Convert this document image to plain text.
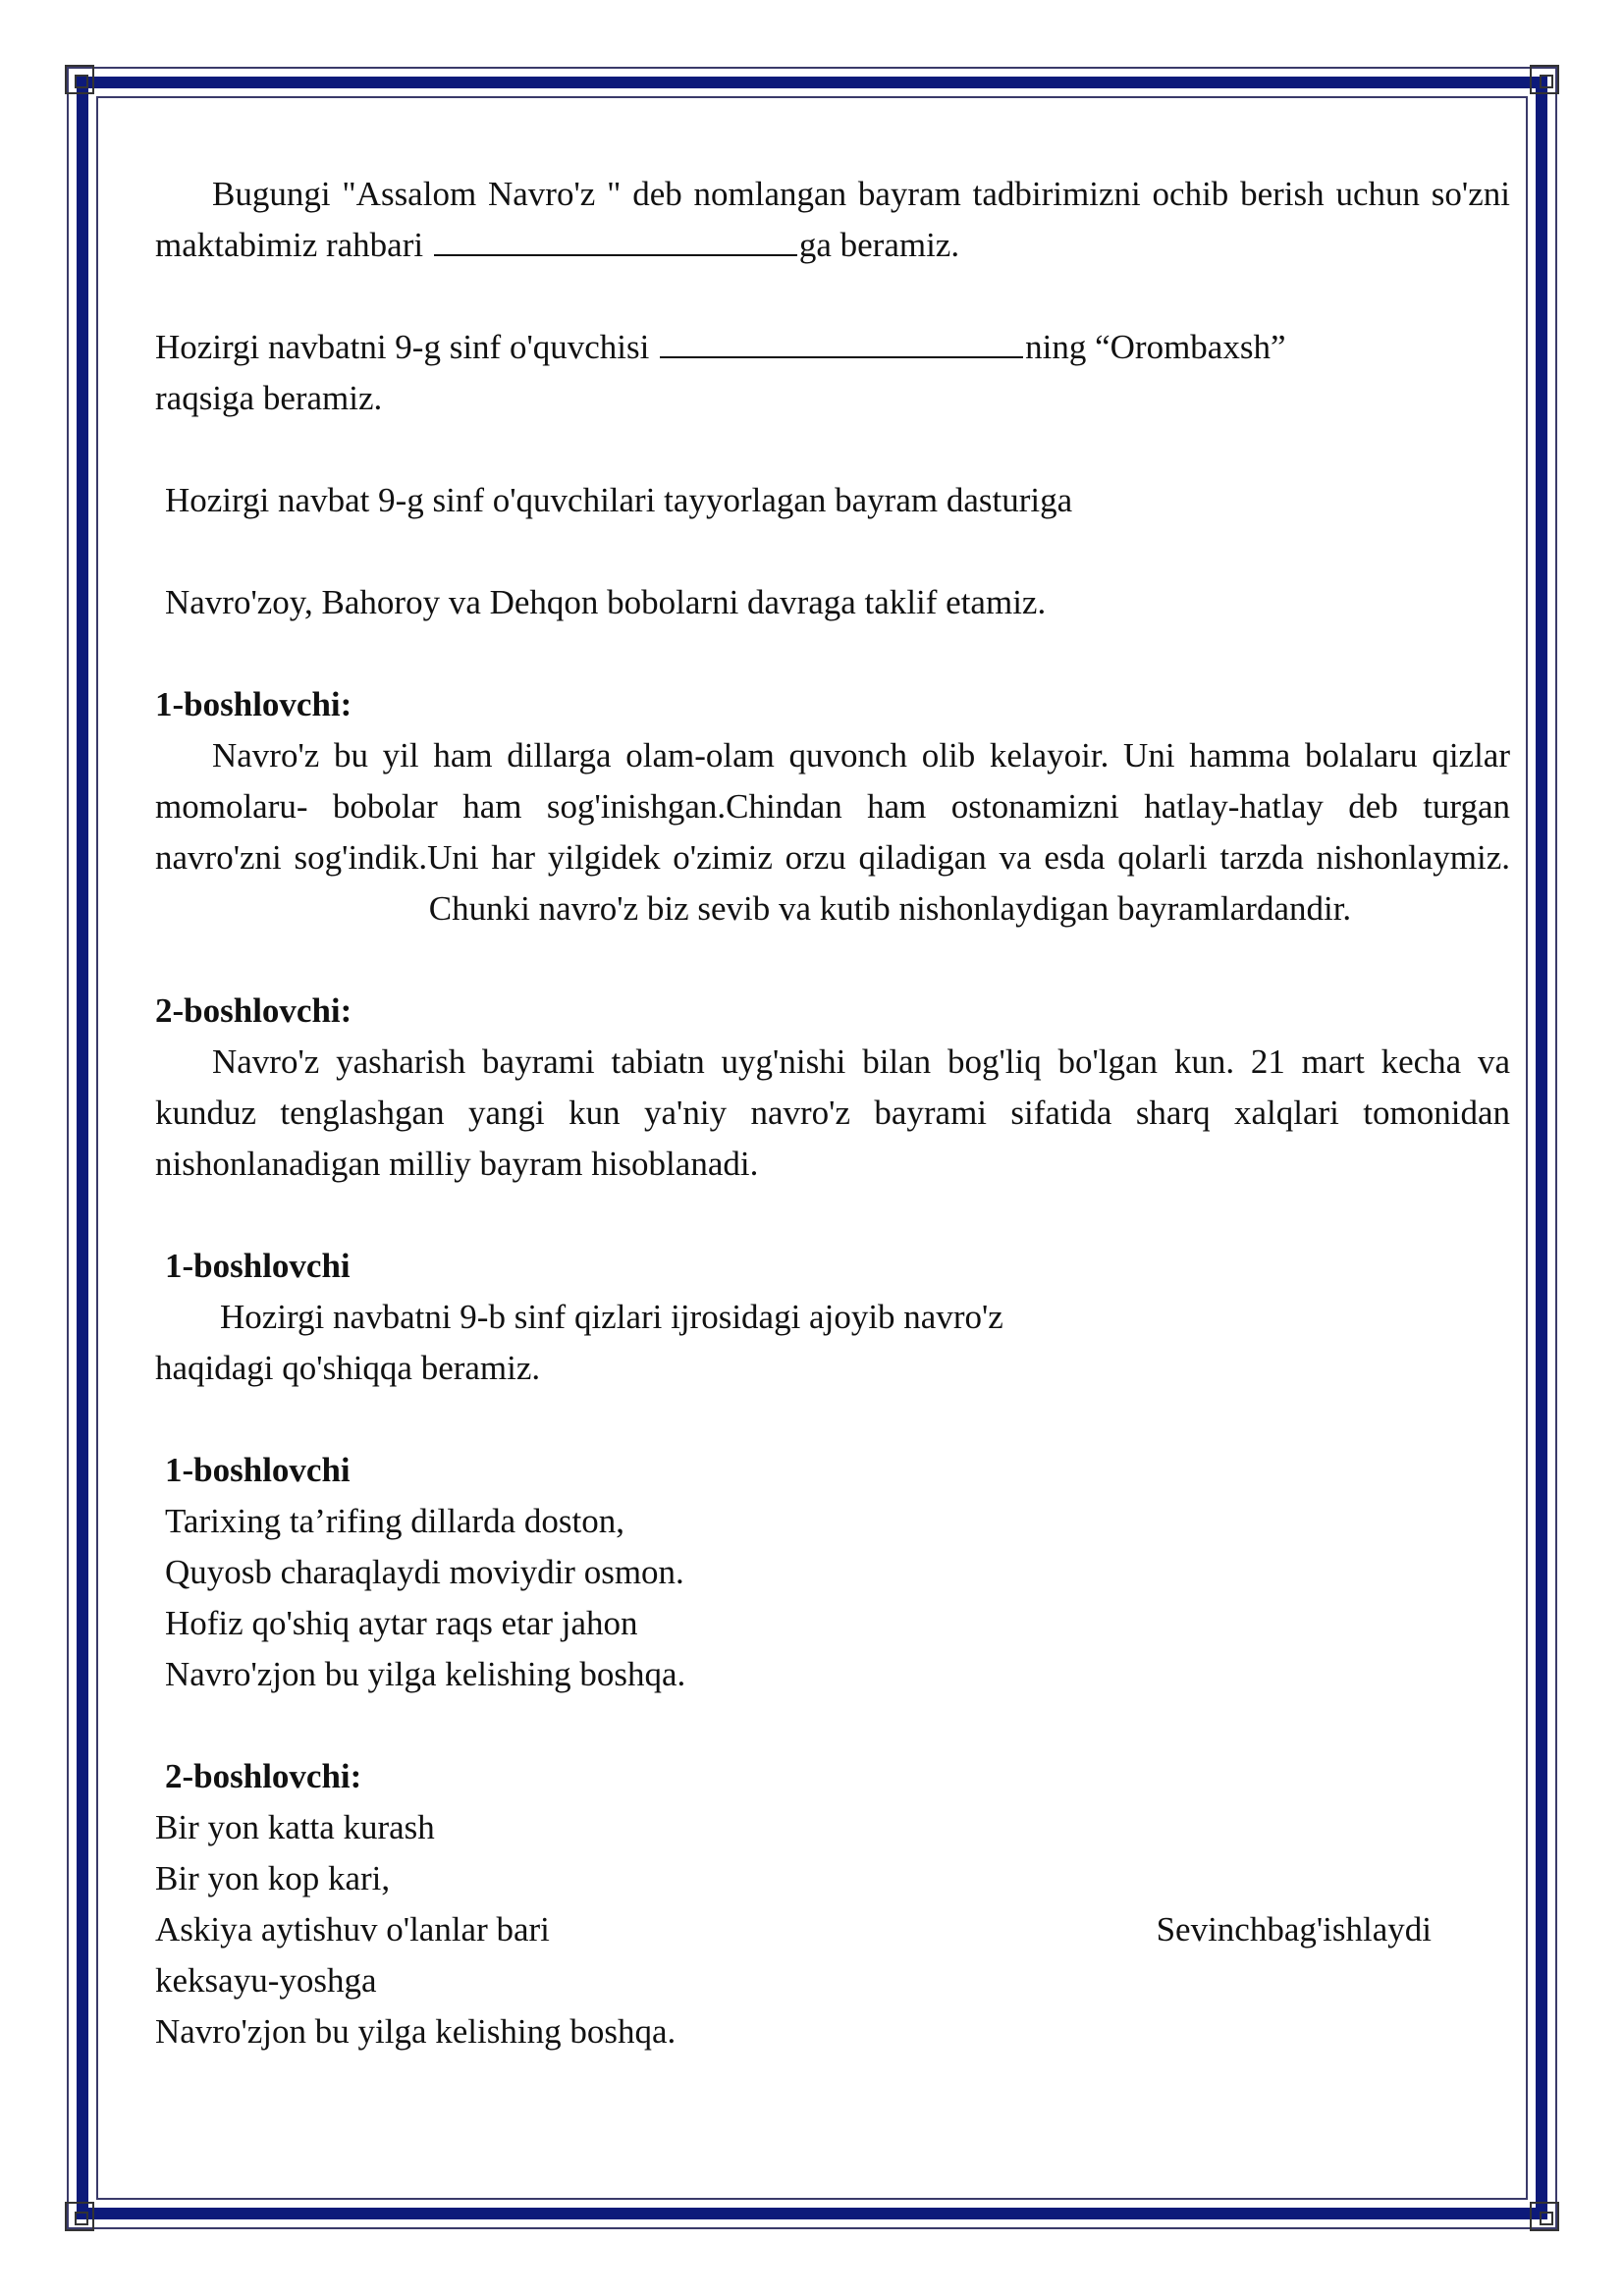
Bugungi "Assalom Navro'z " deb nomlangan bayram tadbirimizni ochib berish uchun so'zni maktabimiz rahbari	ga beramiz.

Hozirgi navbatni 9-g sinf o'quvchisi	ning “Orombaxsh”
raqsiga beramiz.

Hozirgi navbat 9-g sinf o'quvchilari tayyorlagan bayram dasturiga

Navro'zoy, Bahoroy va Dehqon bobolarni davraga taklif etamiz.

1-boshlovchi:

Navro'z bu yil ham dillarga olam-olam quvonch olib kelayoir. Uni hamma bolalaru qizlar momolaru- bobolar ham sog'inishgan.Chindan ham ostonamizni hatlay-hatlay deb turgan navro'zni sog'indik.Uni har yilgidek o'zimiz orzu qiladigan va esda qolarli tarzda nishonlaymiz.  Chunki navro'z biz sevib va kutib nishonlaydigan bayramlardandir.

2-boshlovchi:

Navro'z yasharish bayrami tabiatn uyg'nishi bilan bog'liq bo'lgan kun. 21 mart kecha va kunduz tenglashgan yangi kun ya'niy navro'z bayrami sifatida sharq xalqlari tomonidan nishonlanadigan milliy bayram hisoblanadi.

1-boshlovchi

Hozirgi navbatni 9-b sinf qizlari ijrosidagi ajoyib navro'z

haqidagi qo'shiqqa beramiz.

1-boshlovchi

Tarixing ta’rifing dillarda doston,

Quyosb charaqlaydi moviydir osmon.

Hofiz qo'shiq aytar raqs etar jahon

Navro'zjon bu yilga kelishing boshqa.

2-boshlovchi:

Bir yon katta kurash

Bir yon kop kari,

Askiya aytishuv o'lanlar bari	Sevinchbag'ishlaydi

keksayu-yoshga

Navro'zjon bu yilga kelishing boshqa.
